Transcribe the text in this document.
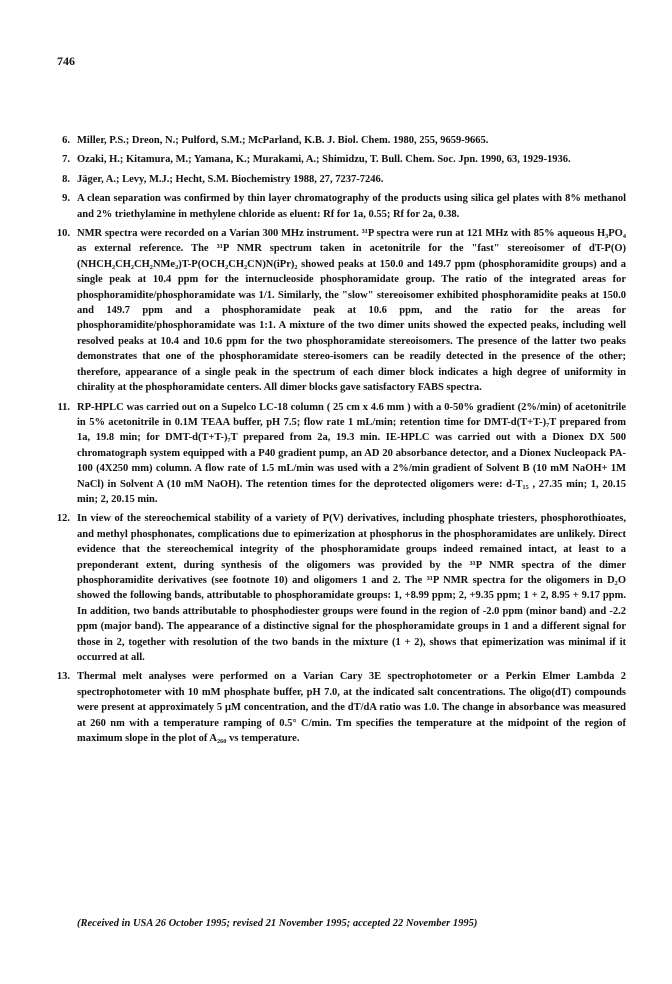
746
6. Miller, P.S.; Dreon, N.; Pulford, S.M.; McParland, K.B. J. Biol. Chem. 1980, 255, 9659-9665.
7. Ozaki, H.; Kitamura, M.; Yamana, K.; Murakami, A.; Shimidzu, T. Bull. Chem. Soc. Jpn. 1990, 63, 1929-1936.
8. Jäger, A.; Levy, M.J.; Hecht, S.M. Biochemistry 1988, 27, 7237-7246.
9. A clean separation was confirmed by thin layer chromatography of the products using silica gel plates with 8% methanol and 2% triethylamine in methylene chloride as eluent: Rf for 1a, 0.55; Rf for 2a, 0.38.
10. NMR spectra were recorded on a Varian 300 MHz instrument. ³¹P spectra were run at 121 MHz with 85% aqueous H₃PO₄ as external reference. The ³¹P NMR spectrum taken in acetonitrile for the "fast" stereoisomer of dT-P(O)(NHCH₂CH₂CH₂NMe₂)T-P(OCH₂CH₂CN)N(iPr)₂ showed peaks at 150.0 and 149.7 ppm (phosphoramidite groups) and a single peak at 10.4 ppm for the internucleoside phosphoramidate group. The ratio of the integrated areas for phosphoramidite/phosphoramidate was 1/1. Similarly, the "slow" stereoisomer exhibited phosphoramidite peaks at 150.0 and 149.7 ppm and a phosphoramidate peak at 10.6 ppm, and the ratio for the areas for phosphoramidite/phosphoramidate was 1:1. A mixture of the two dimer units showed the expected peaks, including well resolved peaks at 10.4 and 10.6 ppm for the two phosphoramidate stereoisomers. The presence of the latter two peaks demonstrates that one of the phosphoramidate stereo-isomers can be readily detected in the presence of the other; therefore, appearance of a single peak in the spectrum of each dimer block indicates a high degree of uniformity in chirality at the phosphoramidate centers. All dimer blocks gave satisfactory FABS spectra.
11. RP-HPLC was carried out on a Supelco LC-18 column ( 25 cm x 4.6 mm ) with a 0-50% gradient (2%/min) of acetonitrile in 5% acetonitrile in 0.1M TEAA buffer, pH 7.5; flow rate 1 mL/min; retention time for DMT-d(T+T-)₇T prepared from 1a, 19.8 min; for DMT-d(T+T-)₇T prepared from 2a, 19.3 min. IE-HPLC was carried out with a Dionex DX 500 chromatograph system equipped with a P40 gradient pump, an AD 20 absorbance detector, and a Dionex Nucleopack PA-100 (4X250 mm) column. A flow rate of 1.5 mL/min was used with a 2%/min gradient of Solvent B (10 mM NaOH+ 1M NaCl) in Solvent A (10 mM NaOH). The retention times for the deprotected oligomers were: d-T₁₅ , 27.35 min; 1, 20.15 min; 2, 20.15 min.
12. In view of the stereochemical stability of a variety of P(V) derivatives, including phosphate triesters, phosphorothioates, and methyl phosphonates, complications due to epimerization at phosphorus in the phosphoramidates are unlikely. Direct evidence that the stereochemical integrity of the phosphoramidate groups indeed remained intact, at least to a preponderant extent, during synthesis of the oligomers was provided by the ³¹P NMR spectra of the dimer phosphoramidite derivatives (see footnote 10) and oligomers 1 and 2. The ³¹P NMR spectra for the oligomers in D₂O showed the following bands, attributable to phosphoramidate groups: 1, +8.99 ppm; 2, +9.35 ppm; 1 + 2, 8.95 + 9.17 ppm. In addition, two bands attributable to phosphodiester groups were found in the region of -2.0 ppm (minor band) and -2.2 ppm (major band). The appearance of a distinctive signal for the phosphoramidate groups in 1 and a different signal for those in 2, together with resolution of the two bands in the mixture (1 + 2), shows that epimerization was minimal if it occurred at all.
13. Thermal melt analyses were performed on a Varian Cary 3E spectrophotometer or a Perkin Elmer Lambda 2 spectrophotometer with 10 mM phosphate buffer, pH 7.0, at the indicated salt concentrations. The oligo(dT) compounds were present at approximately 5 μM concentration, and the dT/dA ratio was 1.0. The change in absorbance was measured at 260 nm with a temperature ramping of 0.5° C/min. Tm specifies the temperature at the midpoint of the region of maximum slope in the plot of A₂₆₀ vs temperature.
(Received in USA 26 October 1995; revised 21 November 1995; accepted 22 November 1995)
